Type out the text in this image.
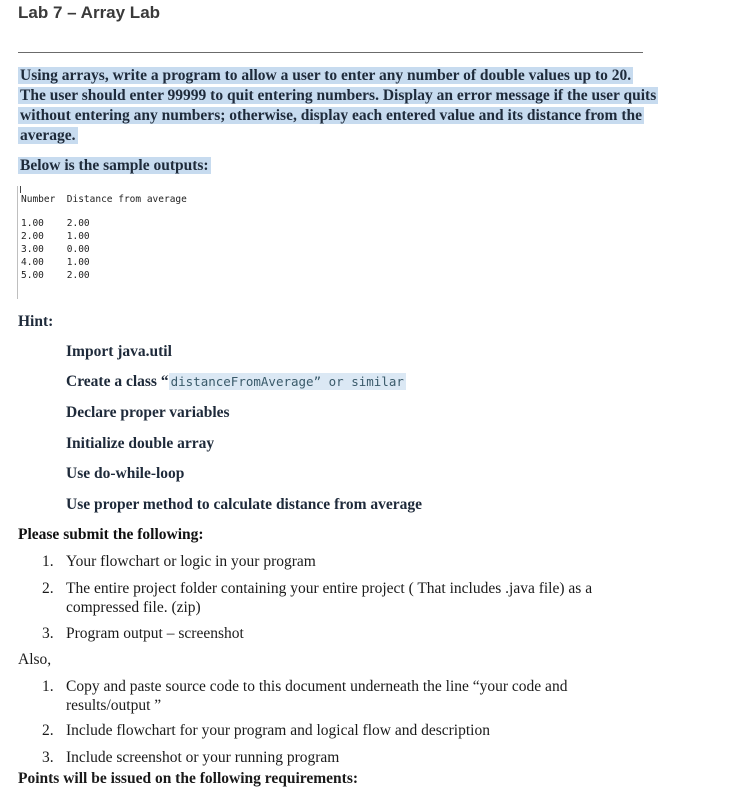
Lab 7 – Array Lab
Using arrays, write a program to allow a user to enter any number of double values up to 20. The user should enter 99999 to quit entering numbers. Display an error message if the user quits without entering any numbers; otherwise, display each entered value and its distance from the average.
Below is the sample outputs:
Number  Distance from average
1.00    2.00
2.00    1.00
3.00    0.00
4.00    1.00
5.00    2.00
Hint:
Import java.util
Create a class “ distanceFromAverage” or similar
Declare proper variables
Initialize double array
Use do-while-loop
Use proper method to calculate distance from average
Please submit the following:
1. Your flowchart or logic in your program
2. The entire project folder containing your entire project ( That includes .java file) as a compressed file. (zip)
3. Program output – screenshot
Also,
1. Copy and paste source code to this document underneath the line “your code and results/output ”
2. Include flowchart for your program and logical flow and description
3. Include screenshot or your running program
Points will be issued on the following requirements:
